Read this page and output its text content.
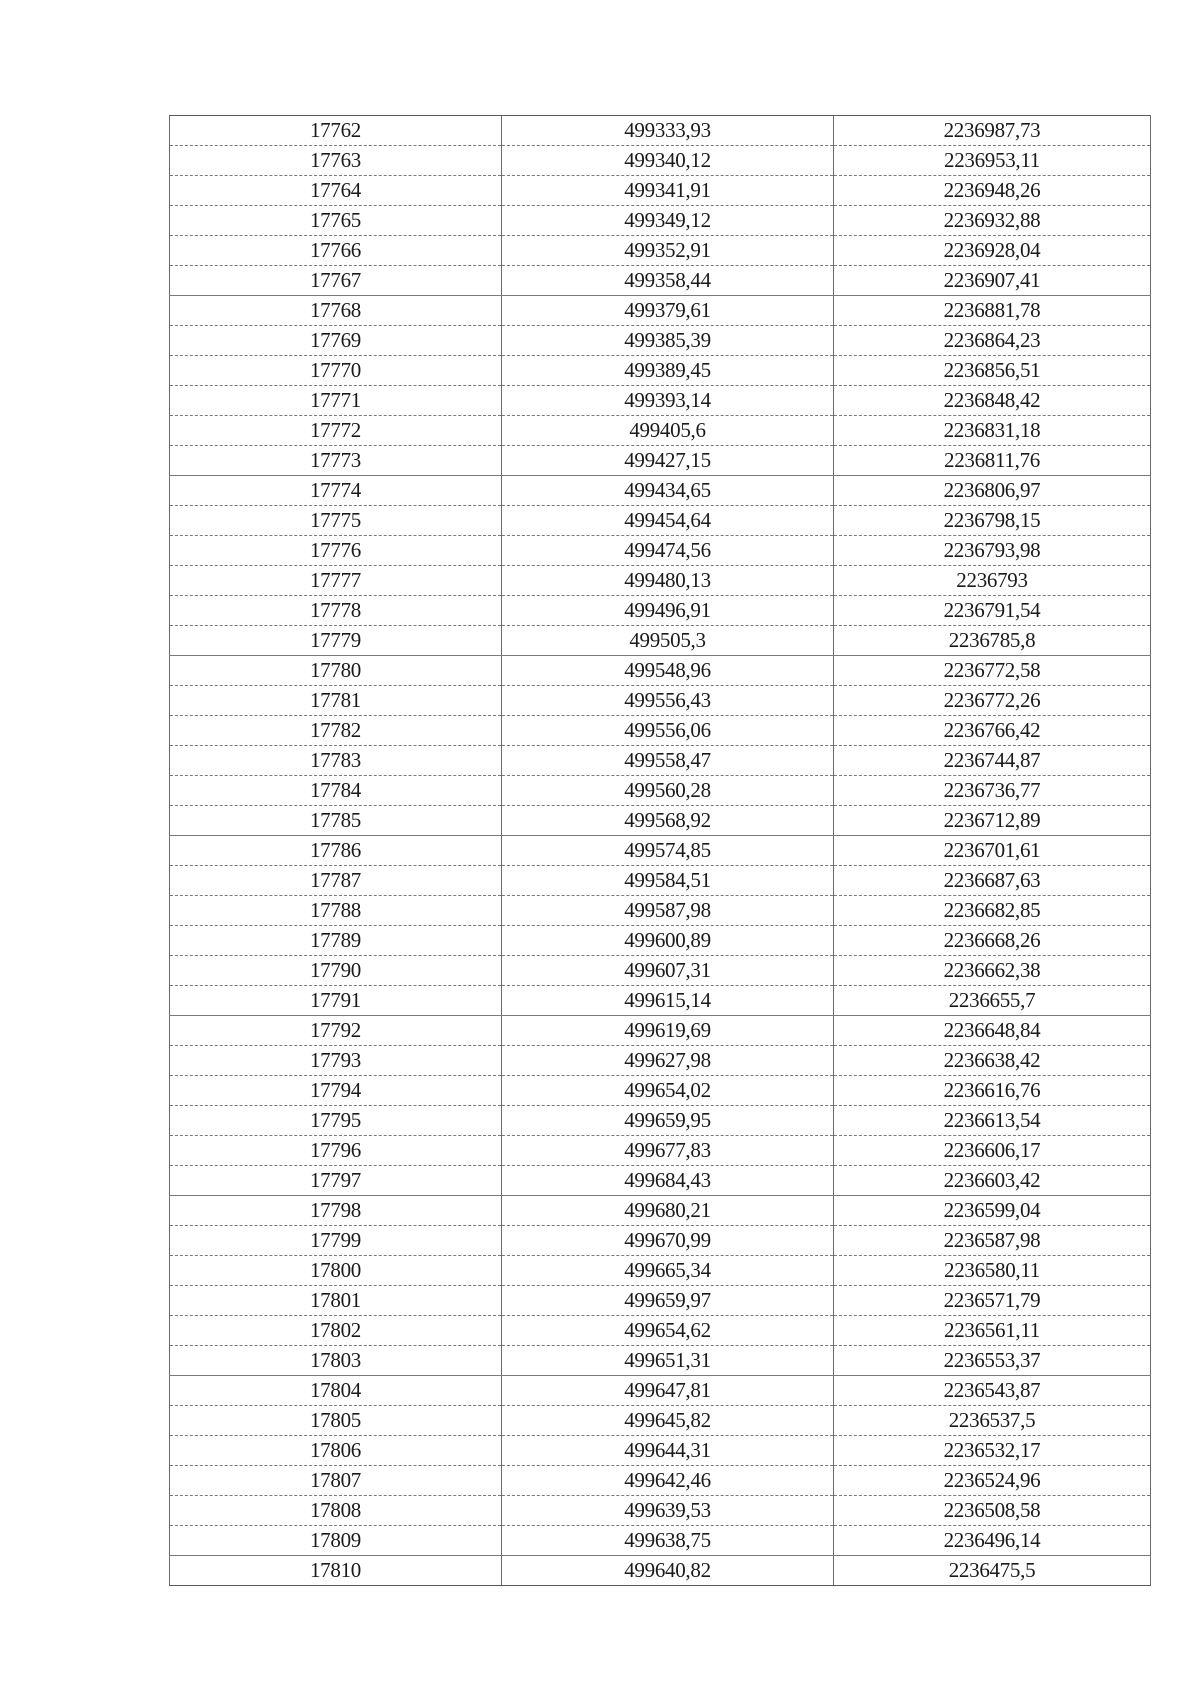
17762	499333,93	2236987,73
17763	499340,12	2236953,11
17764	499341,91	2236948,26
17765	499349,12	2236932,88
17766	499352,91	2236928,04
17767	499358,44	2236907,41
17768	499379,61	2236881,78
17769	499385,39	2236864,23
17770	499389,45	2236856,51
17771	499393,14	2236848,42
17772	499405,6	2236831,18
17773	499427,15	2236811,76
17774	499434,65	2236806,97
17775	499454,64	2236798,15
17776	499474,56	2236793,98
17777	499480,13	2236793
17778	499496,91	2236791,54
17779	499505,3	2236785,8
17780	499548,96	2236772,58
17781	499556,43	2236772,26
17782	499556,06	2236766,42
17783	499558,47	2236744,87
17784	499560,28	2236736,77
17785	499568,92	2236712,89
17786	499574,85	2236701,61
17787	499584,51	2236687,63
17788	499587,98	2236682,85
17789	499600,89	2236668,26
17790	499607,31	2236662,38
17791	499615,14	2236655,7
17792	499619,69	2236648,84
17793	499627,98	2236638,42
17794	499654,02	2236616,76
17795	499659,95	2236613,54
17796	499677,83	2236606,17
17797	499684,43	2236603,42
17798	499680,21	2236599,04
17799	499670,99	2236587,98
17800	499665,34	2236580,11
17801	499659,97	2236571,79
17802	499654,62	2236561,11
17803	499651,31	2236553,37
17804	499647,81	2236543,87
17805	499645,82	2236537,5
17806	499644,31	2236532,17
17807	499642,46	2236524,96
17808	499639,53	2236508,58
17809	499638,75	2236496,14
17810	499640,82	2236475,5
